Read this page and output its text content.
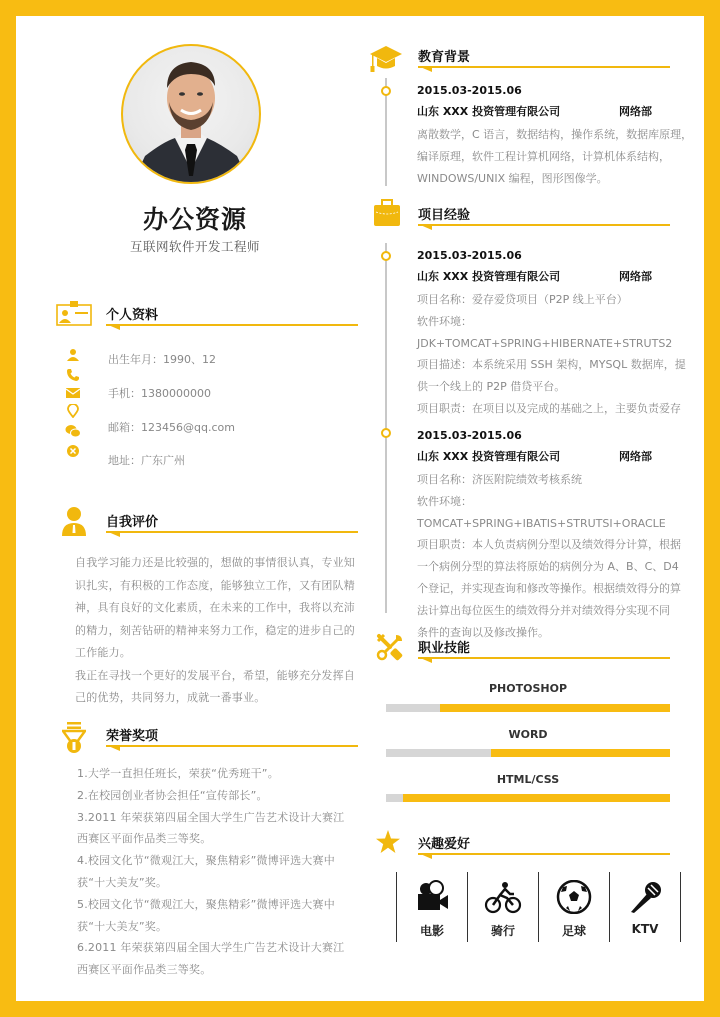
办公资源
互联网软件开发工程师
个人资料
出生年月：1990、12
手机：1380000000
邮箱：123456@qq.com
地址：广东广州
自我评价

自我学习能力还是比较强的，想做的事情很认真，专业知识扎实，有积极的工作态度，能够独立工作，又有团队精神，具有良好的文化素质，在未来的工作中，我将以充沛的精力，刻苦钻研的精神来努力工作，稳定的进步自己的工作能力。

我正在寻找一个更好的发展平台，希望，能够充分发挥自己的优势，共同努力，成就一番事业。

荣誉奖项

1.大学一直担任班长，荣获“优秀班干”。

2.在校园创业者协会担任“宣传部长”。

3.2011 年荣获第四届全国大学生广告艺术设计大赛江西赛区平面作品类三等奖。

4.校园文化节“微观江大，聚焦精彩”微博评选大赛中获“十大美友”奖。

5.校园文化节“微观江大，聚焦精彩”微博评选大赛中获“十大美友”奖。

6.2011 年荣获第四届全国大学生广告艺术设计大赛江西赛区平面作品类三等奖。

教育背景
2015.03-2015.06
山东 XXX 投资管理有限公司	网络部
离散数学，C 语言，数据结构，操作系统，数据库原理，
编译原理，软件工程计算机网络，计算机体系结构，
WINDOWS/UNIX 编程，图形图像学。
项目经验
2015.03-2015.06
山东 XXX 投资管理有限公司	网络部
项目名称：爱存爱贷项目（P2P 线上平台）
软件环境：
JDK+TOMCAT+SPRING+HIBERNATE+STRUTS2
项目描述：本系统采用 SSH 架构，MYSQL 数据库，提
供一个线上的 P2P 借贷平台。
项目职责：在项目以及完成的基础之上，主要负责爱存
2015.03-2015.06
山东 XXX 投资管理有限公司	网络部
项目名称：济医附院绩效考核系统
软件环境：
TOMCAT+SPRING+IBATIS+STRUTSI+ORACLE
项目职责：本人负责病例分型以及绩效得分计算，根据
一个病例分型的算法将原始的病例分为 A、B、C、D4
个登记，并实现查询和修改等操作。根据绩效得分的算
法计算出每位医生的绩效得分并对绩效得分实现不同
条件的查询以及修改操作。
职业技能
PHOTOSHOP
WORD
HTML/CSS
兴趣爱好
电影	骑行	足球	KTV
